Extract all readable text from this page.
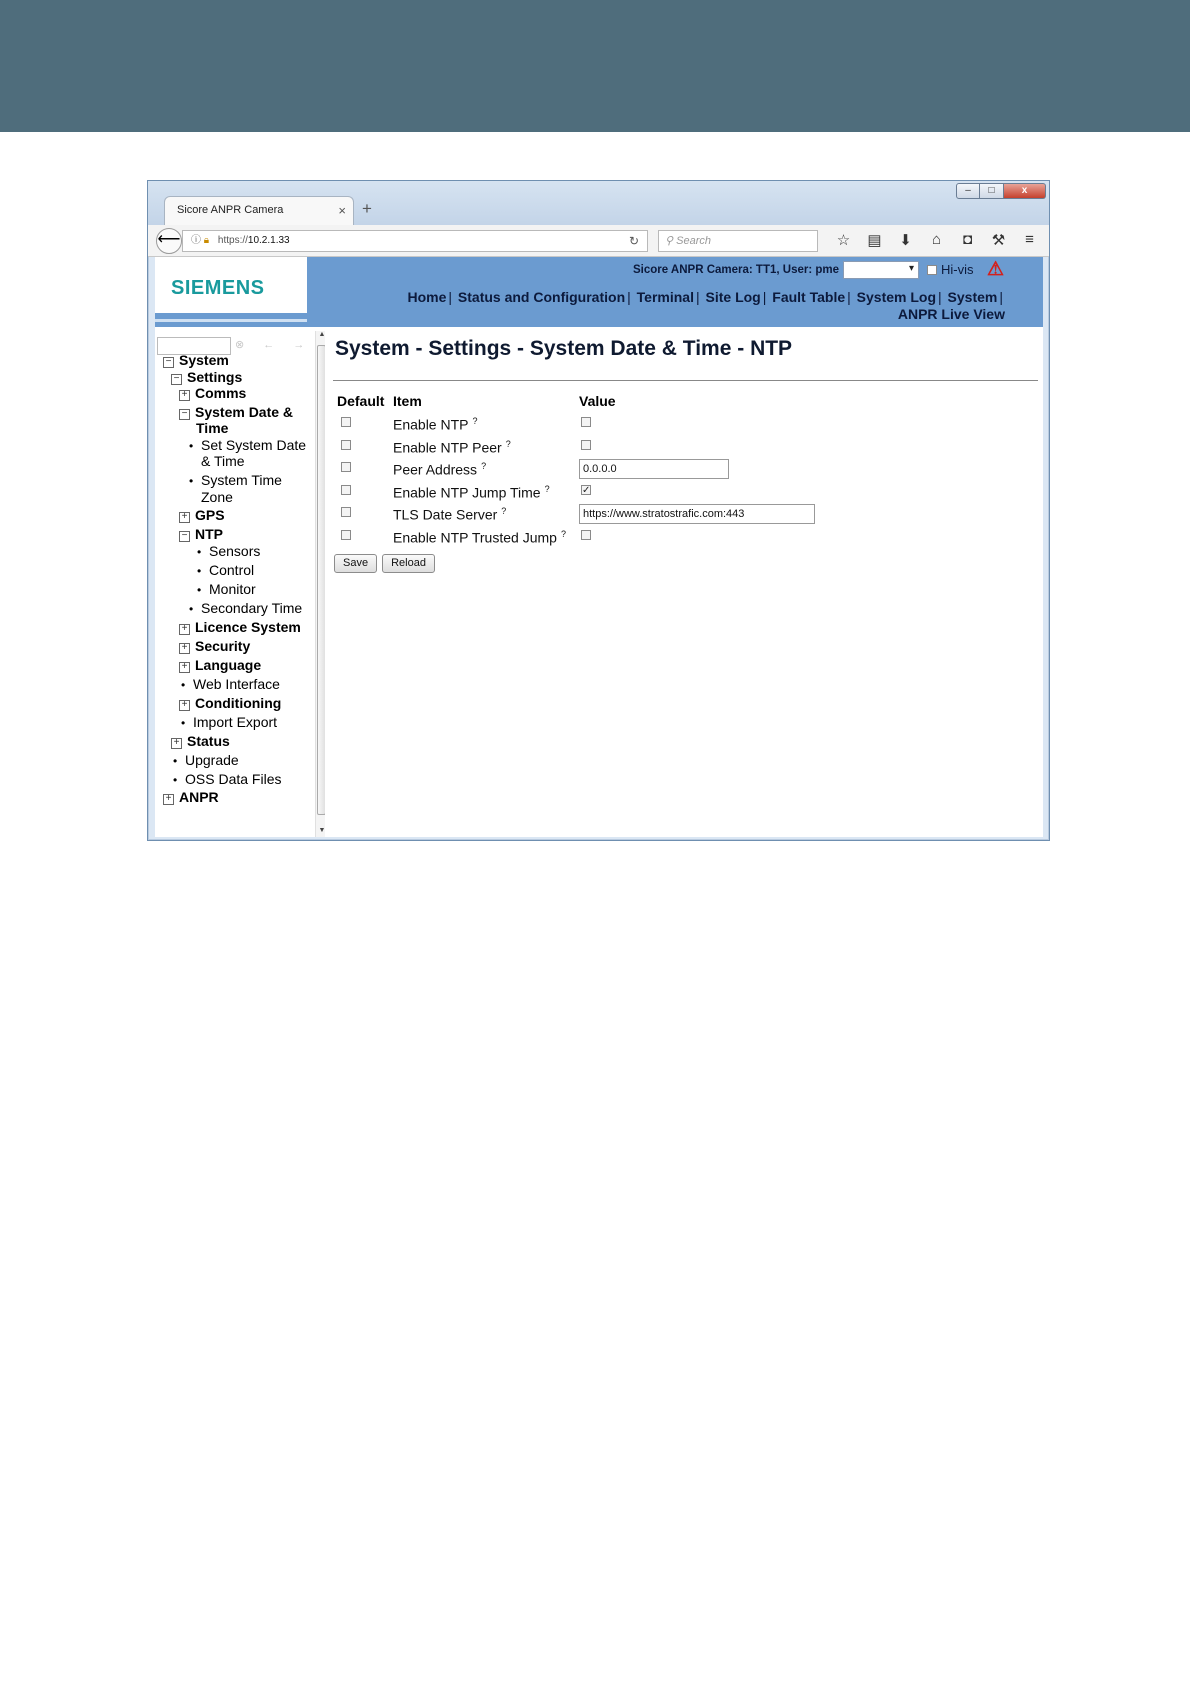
–	□	x
Sicore ANPR Camera	× +
⟵	ⓘ 🔒︎ https://10.2.1.33	↻	⚲ Search	☆	▤	⬇	⌂	◘	⚒	≡
SIEMENS
Sicore ANPR Camera: TT1, User: pme
▾	Hi-vis ⚠
Home | Status and Configuration | Terminal | Site Log | Fault Table | System Log | System |
ANPR Live View
⊗ ← →
− System
− Settings
+ Comms
− System Date &
Time
• Set System Date
& Time
• System Time
Zone
+ GPS
− NTP
• Sensors
• Control
• Monitor
• Secondary Time
+ Licence System
+ Security
+ Language
• Web Interface
+ Conditioning
• Import Export
+ Status
• Upgrade
• OSS Data Files
+ ANPR
▲
▼
System - Settings - System Date & Time - NTP
Default Item	Value
Enable NTP ?
Enable NTP Peer ?
Peer Address ?
0.0.0.0
Enable NTP Jump Time ?
✓
TLS Date Server ?
https://www.stratostrafic.com:443
Enable NTP Trusted Jump ?
Save	Reload
